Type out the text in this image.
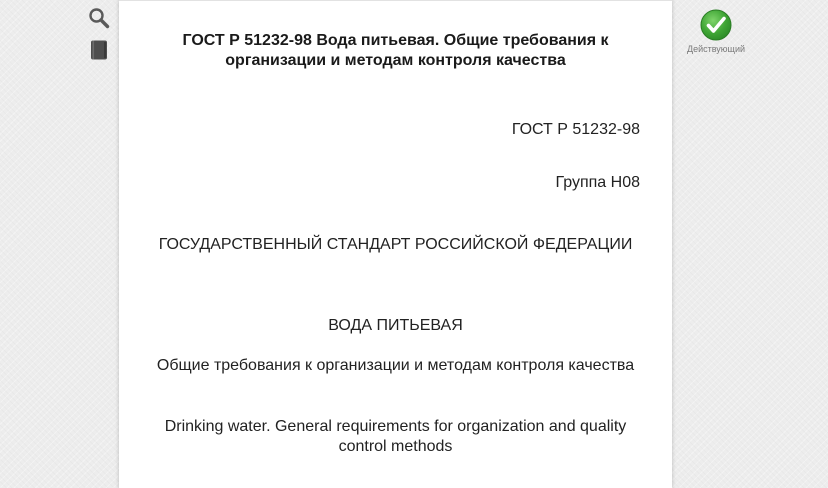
ГОСТ Р 51232-98 Вода питьевая. Общие требования к организации и методам контроля качества

ГОСТ Р 51232-98

Группа Н08

ГОСУДАРСТВЕННЫЙ СТАНДАРТ РОССИЙСКОЙ ФЕДЕРАЦИИ

ВОДА ПИТЬЕВАЯ

Общие требования к организации и методам контроля качества

Drinking water. General requirements for organization and quality control methods

Действующий
